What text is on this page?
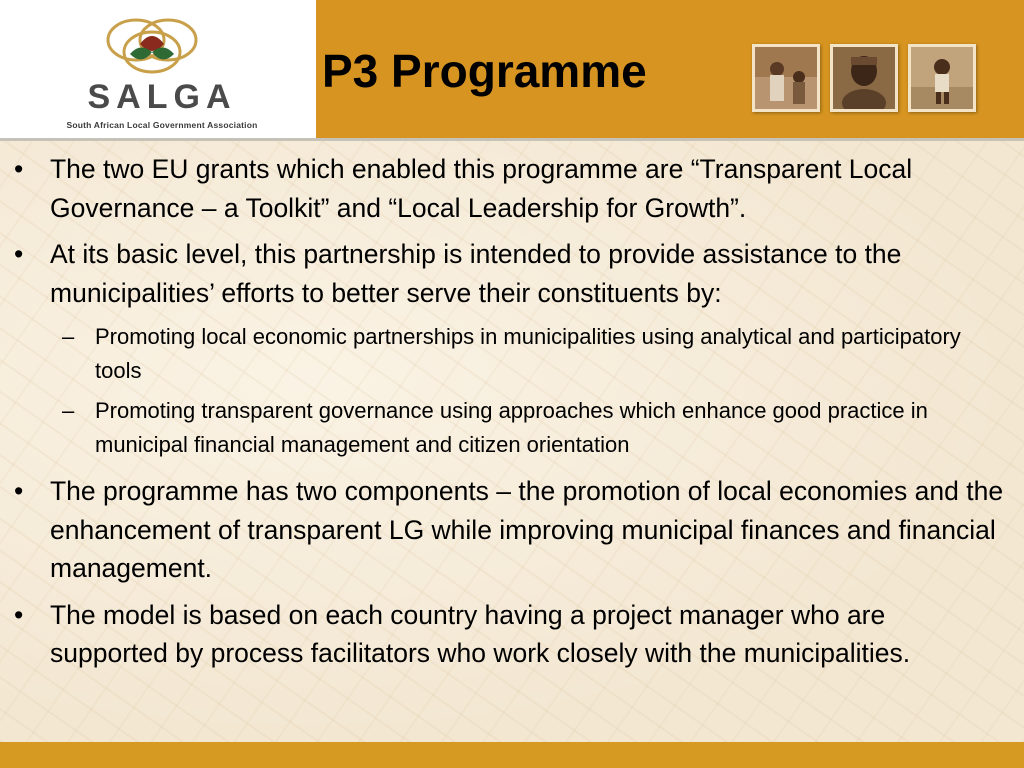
SALGA
South African Local Government Association
P3 Programme
•	The two EU grants which enabled this programme are “Transparent Local Governance – a Toolkit” and “Local Leadership for Growth”.
•	At its basic level, this partnership is intended to provide assistance to the municipalities’ efforts to better serve their constituents by:
– Promoting local economic partnerships in municipalities using analytical and participatory tools
– Promoting transparent governance using approaches which enhance good practice in municipal financial management and citizen orientation
•	The programme has two components – the promotion of local economies and the enhancement of transparent LG while improving municipal finances and financial management.
•	The model is based on each country having a project manager who are supported by process facilitators who work closely with the municipalities.
